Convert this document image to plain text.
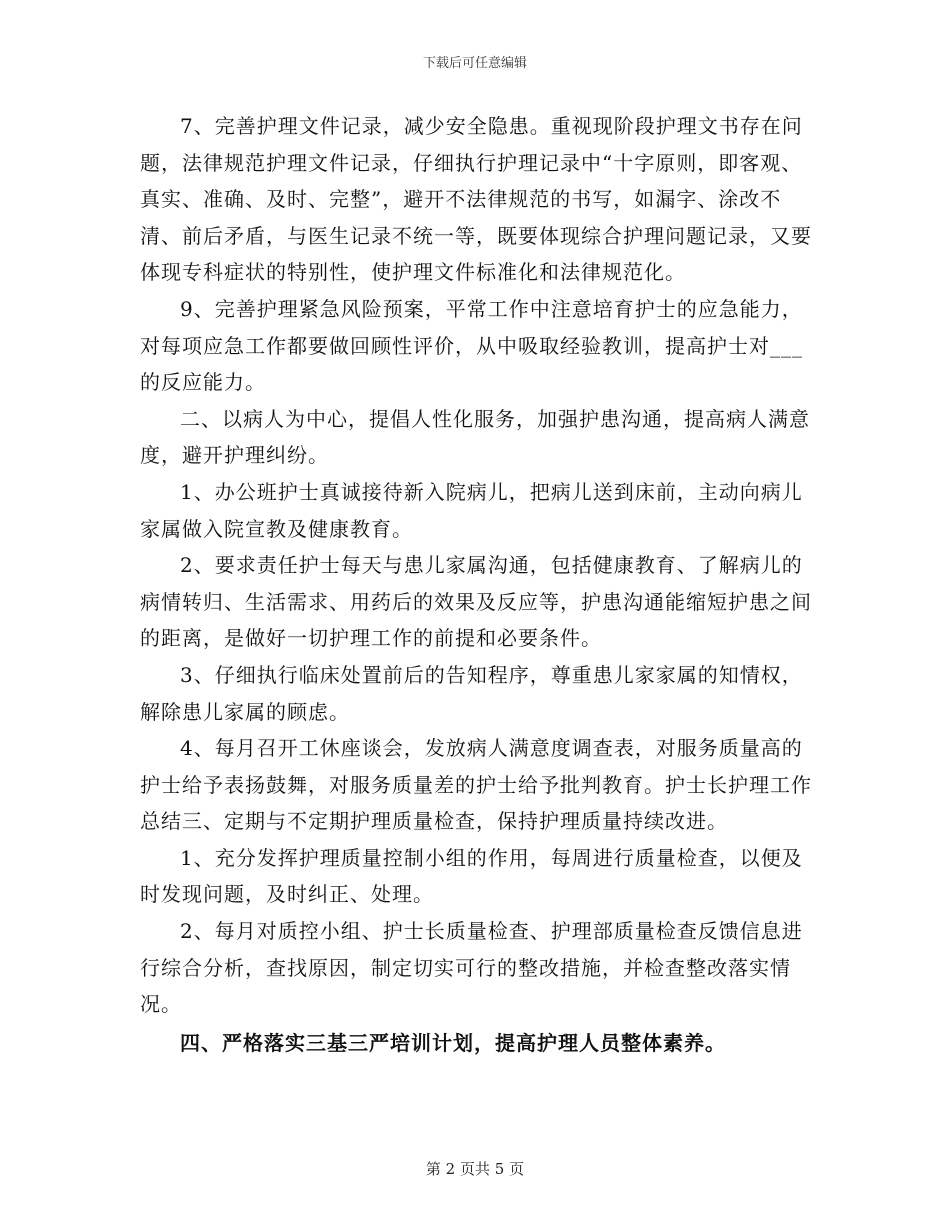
下载后可任意编辑

7、完善护理文件记录，减少安全隐患。重视现阶段护理文书存在问题，法律规范护理文件记录，仔细执行护理记录中“十字原则，即客观、真实、准确、及时、完整”，避开不法律规范的书写，如漏字、涂改不清、前后矛盾，与医生记录不统一等，既要体现综合护理问题记录，又要体现专科症状的特别性，使护理文件标准化和法律规范化。

9、完善护理紧急风险预案，平常工作中注意培育护士的应急能力，对每项应急工作都要做回顾性评价，从中吸取经验教训，提高护士对___的反应能力。

二、以病人为中心，提倡人性化服务，加强护患沟通，提高病人满意度，避开护理纠纷。

1、办公班护士真诚接待新入院病儿，把病儿送到床前，主动向病儿家属做入院宣教及健康教育。

2、要求责任护士每天与患儿家属沟通，包括健康教育、了解病儿的病情转归、生活需求、用药后的效果及反应等，护患沟通能缩短护患之间的距离，是做好一切护理工作的前提和必要条件。

3、仔细执行临床处置前后的告知程序，尊重患儿家家属的知情权，解除患儿家属的顾虑。

4、每月召开工休座谈会，发放病人满意度调查表，对服务质量高的护士给予表扬鼓舞，对服务质量差的护士给予批判教育。护士长护理工作总结三、定期与不定期护理质量检查，保持护理质量持续改进。

1、充分发挥护理质量控制小组的作用，每周进行质量检查，以便及时发现问题，及时纠正、处理。

2、每月对质控小组、护士长质量检查、护理部质量检查反馈信息进行综合分析，查找原因，制定切实可行的整改措施，并检查整改落实情况。

四、严格落实三基三严培训计划，提高护理人员整体素养。

第 2 页共 5 页
